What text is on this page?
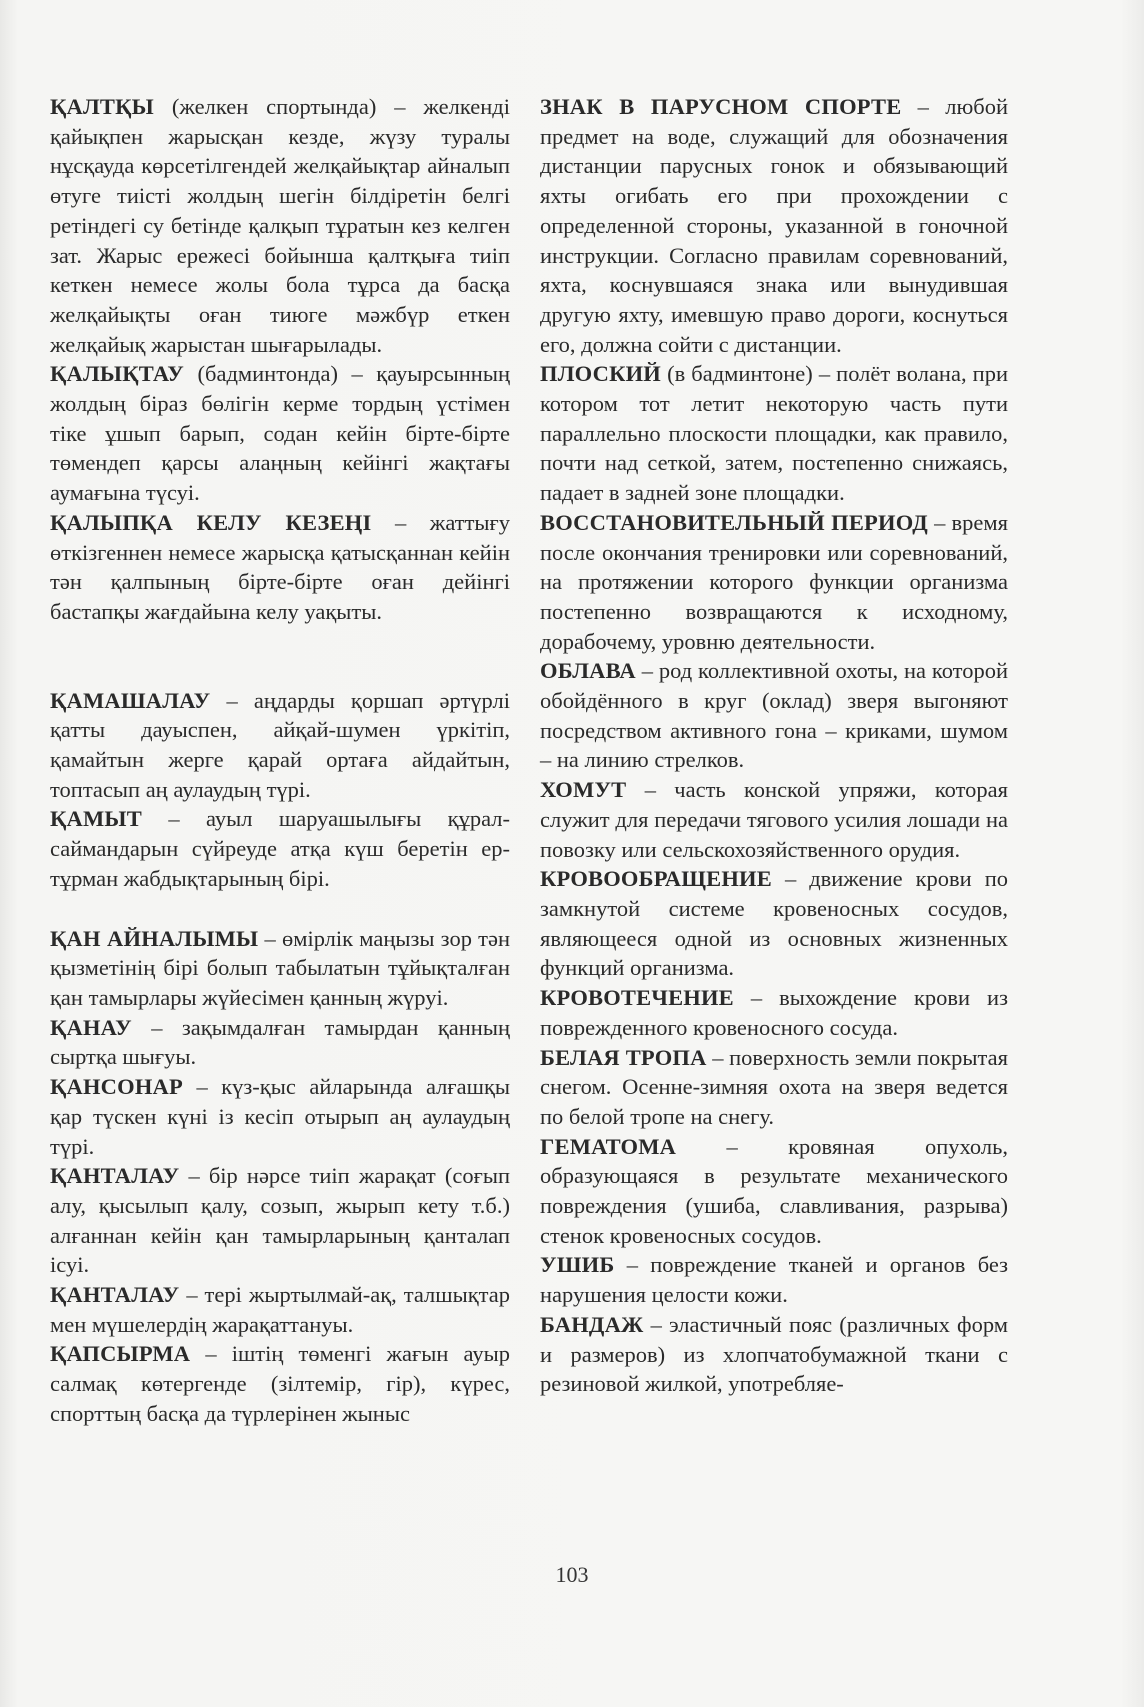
ҚАЛТҚЫ (желкен спортында) – желкенді қайықпен жарысқан кезде, жүзу туралы нұсқауда көрсетілгендей желқайықтар айналып өтуге тиісті жолдың шегін білдіретін белгі ретіндегі су бетінде қалқып тұратын кез келген зат. Жарыс ережесі бойынша қалтқыға тиіп кеткен немесе жолы бола тұрса да басқа желқайықты оған тиюге мәжбүр еткен желқайық жарыстан шығарылады.

ҚАЛЫҚТАУ (бадминтонда) – қауырсынның жолдың біраз бөлігін керме тордың үстімен тіке ұшып барып, содан кейін бірте-бірте төмендеп қарсы алаңның кейінгі жақтағы аумағына түсуі.

ҚАЛЫПҚА КЕЛУ КЕЗЕҢІ – жаттығу өткізгеннен немесе жарысқа қатысқаннан кейін тән қалпының бірте-бірте оған дейінгі бастапқы жағдайына келу уақыты.

ҚАМАШАЛАУ – аңдарды қоршап әртүрлі қатты дауыспен, айқай-шумен үркітіп, қамайтын жерге қарай ортаға айдайтын, топтасып аң аулаудың түрі.

ҚАМЫТ – ауыл шаруашылығы құрал-саймандарын сүйреуде атқа күш беретін ер-тұрман жабдықтарының бірі.

ҚАН АЙНАЛЫМЫ – өмірлік маңызы зор тән қызметінің бірі болып табылатын тұйықталған қан тамырлары жүйесімен қанның жүруі.

ҚАНАУ – зақымдалған тамырдан қанның сыртқа шығуы.

ҚАНСОНАР – күз-қыс айларында алғашқы қар түскен күні із кесіп отырып аң аулаудың түрі.

ҚАНТАЛАУ – бір нәрсе тиіп жарақат (соғып алу, қысылып қалу, созып, жырып кету т.б.) алғаннан кейін қан тамырларының қанталап ісуі.

ҚАНТАЛАУ – тері жыртылмай-ақ, талшықтар мен мүшелердің жарақаттануы.

ҚАПСЫРМА – іштің төменгі жағын ауыр салмақ көтергенде (зілтемір, гір), күрес, спорттың басқа да түрлерінен жыныс

ЗНАК В ПАРУСНОМ СПОРТЕ – любой предмет на воде, служащий для обозначения дистанции парусных гонок и обязывающий яхты огибать его при прохождении с определенной стороны, указанной в гоночной инструкции. Согласно правилам соревнований, яхта, коснувшаяся знака или вынудившая другую яхту, имевшую право дороги, коснуться его, должна сойти с дистанции.

ПЛОСКИЙ (в бадминтоне) – полёт волана, при котором тот летит некоторую часть пути параллельно плоскости площадки, как правило, почти над сеткой, затем, постепенно снижаясь, падает в задней зоне площадки.

ВОССТАНОВИТЕЛЬНЫЙ ПЕРИОД – время после окончания тренировки или соревнований, на протяжении которого функции организма постепенно возвращаются к исходному, дорабочему, уровню деятельности.

ОБЛАВА – род коллективной охоты, на которой обойдённого в круг (оклад) зверя выгоняют посредством активного гона – криками, шумом – на линию стрелков.

ХОМУТ – часть конской упряжи, которая служит для передачи тягового усилия лошади на повозку или сельскохозяйственного орудия.

КРОВООБРАЩЕНИЕ – движение крови по замкнутой системе кровеносных сосудов, являющееся одной из основных жизненных функций организма.

КРОВОТЕЧЕНИЕ – выхождение крови из поврежденного кровеносного сосуда.

БЕЛАЯ ТРОПА – поверхность земли покрытая снегом. Осенне-зимняя охота на зверя ведется по белой тропе на снегу.

ГЕМАТОМА – кровяная опухоль, образующаяся в результате механического повреждения (ушиба, славливания, разрыва) стенок кровеносных сосудов.

УШИБ – повреждение тканей и органов без нарушения целости кожи.

БАНДАЖ – эластичный пояс (различных форм и размеров) из хлопчатобумажной ткани с резиновой жилкой, употребляе-

103
